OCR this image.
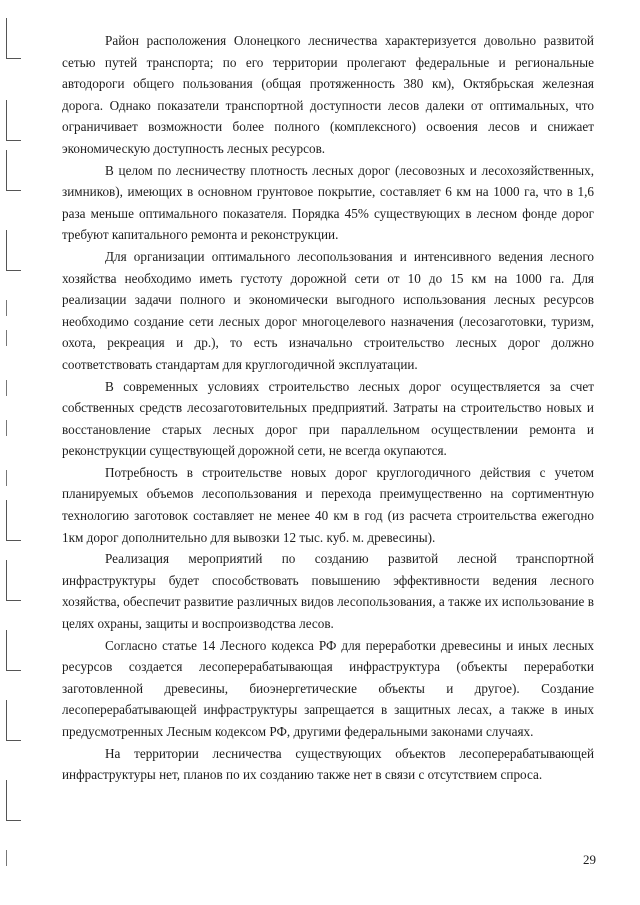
Район расположения Олонецкого лесничества характеризуется довольно развитой сетью путей транспорта; по его территории пролегают федеральные и региональные автодороги общего пользования (общая протяженность 380 км), Октябрьская железная дорога. Однако показатели транспортной доступности лесов далеки от оптимальных, что ограничивает возможности более полного (комплексного) освоения лесов и снижает экономическую доступность лесных ресурсов.

В целом по лесничеству плотность лесных дорог (лесовозных и лесохозяйственных, зимников), имеющих в основном грунтовое покрытие, составляет 6 км на 1000 га, что в 1,6 раза меньше оптимального показателя. Порядка 45% существующих в лесном фонде дорог требуют капитального ремонта и реконструкции.

Для организации оптимального лесопользования и интенсивного ведения лесного хозяйства необходимо иметь густоту дорожной сети от 10 до 15 км на 1000 га. Для реализации задачи полного и экономически выгодного использования лесных ресурсов необходимо создание сети лесных дорог многоцелевого назначения (лесозаготовки, туризм, охота, рекреация и др.), то есть изначально строительство лесных дорог должно соответствовать стандартам для круглогодичной эксплуатации.

В современных условиях строительство лесных дорог осуществляется за счет собственных средств лесозаготовительных предприятий. Затраты на строительство новых и восстановление старых лесных дорог при параллельном осуществлении ремонта и реконструкции существующей дорожной сети, не всегда окупаются.

Потребность в строительстве новых дорог круглогодичного действия с учетом планируемых объемов лесопользования и перехода преимущественно на сортиментную технологию заготовок составляет не менее 40 км в год (из расчета строительства ежегодно 1км дорог дополнительно для вывозки 12 тыс. куб. м. древесины).

Реализация мероприятий по созданию развитой лесной транспортной инфраструктуры будет способствовать повышению эффективности ведения лесного хозяйства, обеспечит развитие различных видов лесопользования, а также их использование в целях охраны, защиты и воспроизводства лесов.

Согласно статье 14 Лесного кодекса РФ для переработки древесины и иных лесных ресурсов создается лесоперерабатывающая инфраструктура (объекты переработки заготовленной древесины, биоэнергетические объекты и другое). Создание лесоперерабатывающей инфраструктуры запрещается в защитных лесах, а также в иных предусмотренных Лесным кодексом РФ, другими федеральными законами случаях.

На территории лесничества существующих объектов лесоперерабатывающей инфраструктуры нет, планов по их созданию также нет в связи с отсутствием спроса.

29
